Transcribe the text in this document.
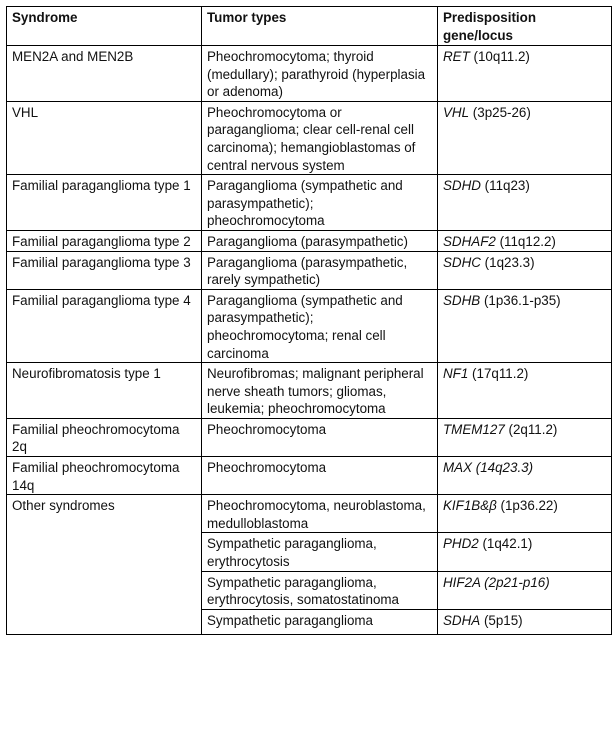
Syndrome	Tumor types	Predisposition gene/locus
MEN2A and MEN2B	Pheochromocytoma; thyroid (medullary); parathyroid (hyperplasia or adenoma)	RET (10q11.2)
VHL	Pheochromocytoma or paraganglioma; clear cell-renal cell carcinoma); hemangioblastomas of central nervous system	VHL (3p25-26)
Familial paraganglioma type 1	Paraganglioma (sympathetic and parasympathetic); pheochromocytoma	SDHD (11q23)
Familial paraganglioma type 2	Paraganglioma (parasympathetic)	SDHAF2 (11q12.2)
Familial paraganglioma type 3	Paraganglioma (parasympathetic, rarely sympathetic)	SDHC (1q23.3)
Familial paraganglioma type 4	Paraganglioma (sympathetic and parasympathetic); pheochromocytoma; renal cell carcinoma	SDHB (1p36.1-p35)
Neurofibromatosis type 1	Neurofibromas; malignant peripheral nerve sheath tumors; gliomas, leukemia; pheochromocytoma	NF1 (17q11.2)
Familial pheochromocytoma 2q	Pheochromocytoma	TMEM127 (2q11.2)
Familial pheochromocytoma 14q	Pheochromocytoma	MAX (14q23.3)
Other syndromes	Pheochromocytoma, neuroblastoma, medulloblastoma	KIF1B&β (1p36.22)
	Sympathetic paraganglioma, erythrocytosis	PHD2 (1q42.1)
	Sympathetic paraganglioma, erythrocytosis, somatostatinoma	HIF2A (2p21-p16)
	Sympathetic paraganglioma	SDHA (5p15)
